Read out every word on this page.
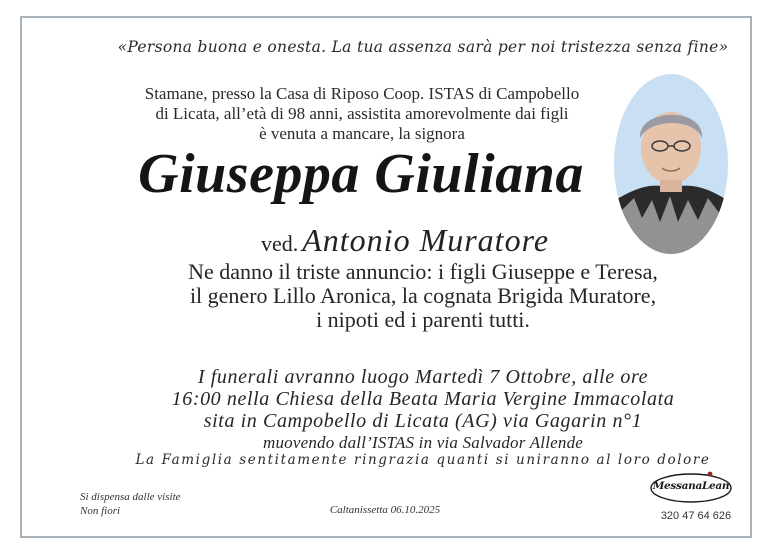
«Persona buona e onesta. La tua assenza sarà per noi tristezza senza fine»
Stamane, presso la Casa di Riposo Coop. ISTAS di Campobello
di Licata, all’età di 98 anni, assistita amorevolmente dai figli
è venuta a mancare, la signora
Giuseppa Giuliana
ved. Antonio Muratore
Ne danno il triste annuncio: i figli Giuseppe e Teresa,
il genero Lillo Aronica, la cognata Brigida Muratore,
i nipoti ed i parenti tutti.
I funerali avranno luogo Martedì 7 Ottobre, alle ore
16:00 nella Chiesa della Beata Maria Vergine Immacolata
sita in Campobello di Licata (AG) via Gagarin n°1
muovendo dall’ISTAS in via Salvador Allende
La Famiglia sentitamente ringrazia quanti si uniranno al loro dolore
Si dispensa dalle visite
Non fiori	Caltanissetta 06.10.2025
MessanaLean
320 47 64 626
